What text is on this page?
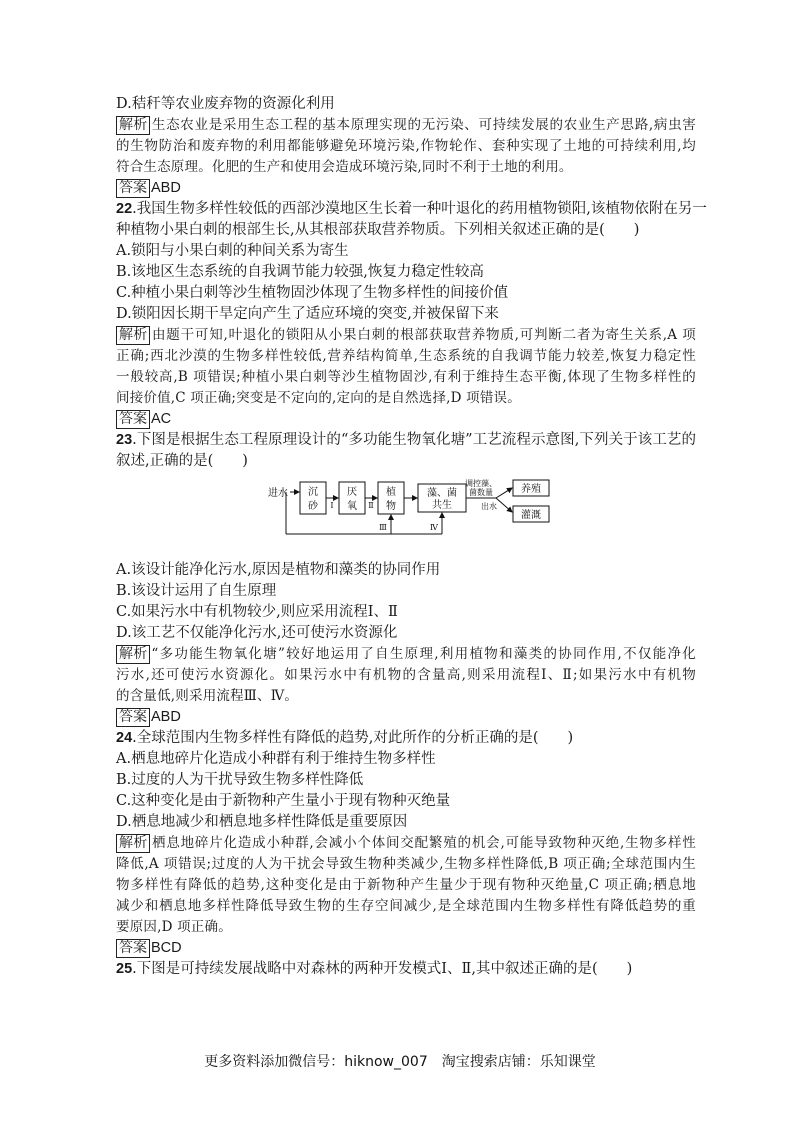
D.秸秆等农业废弃物的资源化利用
解析 生态农业是采用生态工程的基本原理实现的无污染、可持续发展的农业生产思路,病虫害
的生物防治和废弃物的利用都能够避免环境污染,作物轮作、套种实现了土地的可持续利用,均
符合生态原理。化肥的生产和使用会造成环境污染,同时不利于土地的利用。
答案 ABD
22.我国生物多样性较低的西部沙漠地区生长着一种叶退化的药用植物锁阳,该植物依附在另一
种植物小果白刺的根部生长,从其根部获取营养物质。下列相关叙述正确的是(　　)
A.锁阳与小果白刺的种间关系为寄生
B.该地区生态系统的自我调节能力较强,恢复力稳定性较高
C.种植小果白刺等沙生植物固沙体现了生物多样性的间接价值
D.锁阳因长期干旱定向产生了适应环境的突变,并被保留下来
解析 由题干可知,叶退化的锁阳从小果白刺的根部获取营养物质,可判断二者为寄生关系,A 项
正确;西北沙漠的生物多样性较低,营养结构简单,生态系统的自我调节能力较差,恢复力稳定性
一般较高,B 项错误;种植小果白刺等沙生植物固沙,有利于维持生态平衡,体现了生物多样性的
间接价值,C 项正确;突变是不定向的,定向的是自然选择,D 项错误。
答案 AC
23.下图是根据生态工程原理设计的“多功能生物氧化塘”工艺流程示意图,下列关于该工艺的
叙述,正确的是(　　)
进水 沉
砂
厌
氧
植
物
藻、菌
共生
养殖
灌溉
调控藻、
菌数量
出水
Ⅰ	Ⅱ
Ⅲ	Ⅳ
A.该设计能净化污水,原因是植物和藻类的协同作用
B.该设计运用了自生原理
C.如果污水中有机物较少,则应采用流程Ⅰ、Ⅱ
D.该工艺不仅能净化污水,还可使污水资源化
解析 “多功能生物氧化塘”较好地运用了自生原理,利用植物和藻类的协同作用,不仅能净化
污水,还可使污水资源化。如果污水中有机物的含量高,则采用流程Ⅰ、Ⅱ;如果污水中有机物
的含量低,则采用流程Ⅲ、Ⅳ。
答案 ABD
24.全球范围内生物多样性有降低的趋势,对此所作的分析正确的是(　　)
A.栖息地碎片化造成小种群有利于维持生物多样性
B.过度的人为干扰导致生物多样性降低
C.这种变化是由于新物种产生量小于现有物种灭绝量
D.栖息地减少和栖息地多样性降低是重要原因
解析 栖息地碎片化造成小种群,会减小个体间交配繁殖的机会,可能导致物种灭绝,生物多样性
降低,A 项错误;过度的人为干扰会导致生物种类减少,生物多样性降低,B 项正确;全球范围内生
物多样性有降低的趋势,这种变化是由于新物种产生量少于现有物种灭绝量,C 项正确;栖息地
减少和栖息地多样性降低导致生物的生存空间减少,是全球范围内生物多样性有降低趋势的重
要原因,D 项正确。
答案 BCD
25.下图是可持续发展战略中对森林的两种开发模式Ⅰ、Ⅱ,其中叙述正确的是(　　)
更多资料添加微信号：hiknow_007　淘宝搜索店铺：乐知课堂
